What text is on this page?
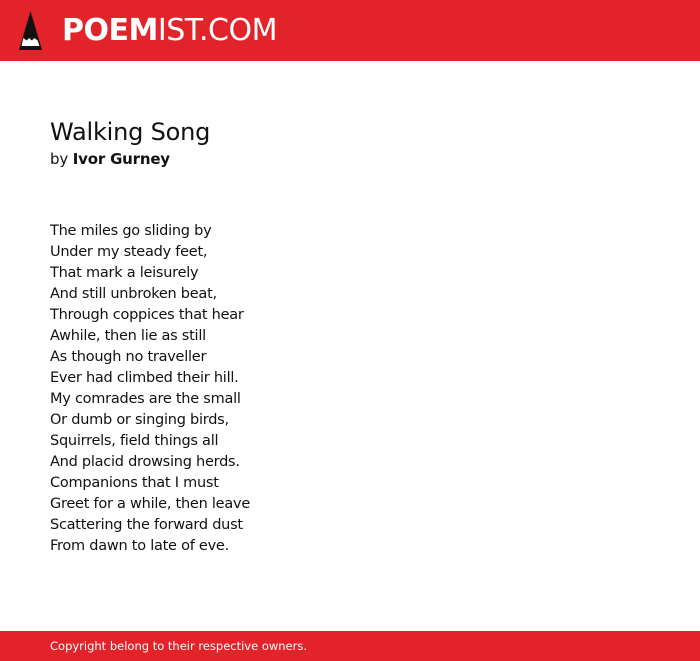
POEMIST.COM
Walking Song
by Ivor Gurney
The miles go sliding by
Under my steady feet,
That mark a leisurely
And still unbroken beat,
Through coppices that hear
Awhile, then lie as still
As though no traveller
Ever had climbed their hill.
My comrades are the small
Or dumb or singing birds,
Squirrels, field things all
And placid drowsing herds.
Companions that I must
Greet for a while, then leave
Scattering the forward dust
From dawn to late of eve.
Copyright belong to their respective owners.
